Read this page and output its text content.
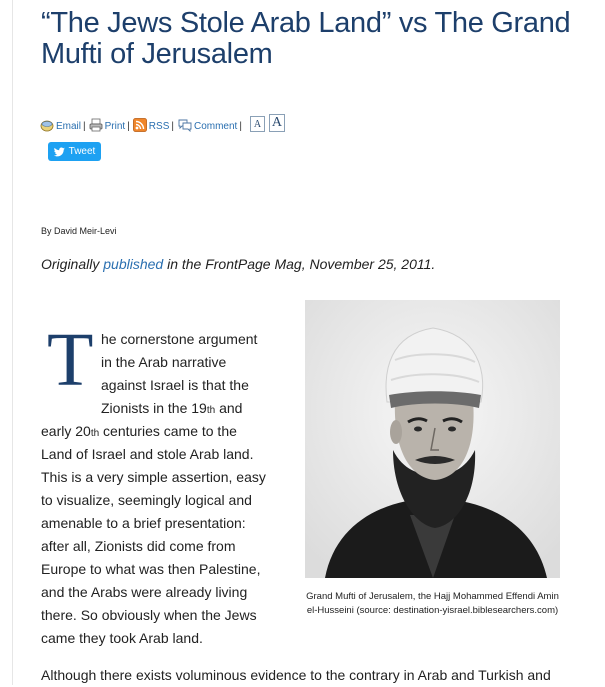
“The Jews Stole Arab Land” vs The Grand Mufti of Jerusalem
Email | Print | RSS | Comment |	A A
Tweet
By David Meir-Levi
Originally published in the FrontPage Mag, November 25, 2011.
T he cornerstone argument
in the Arab narrative
against Israel is that the
Zionists in the 19th and
early 20th centuries came to the
Land of Israel and stole Arab land.
This is a very simple assertion, easy
to visualize, seemingly logical and
amenable to a brief presentation:
after all, Zionists did come from
Europe to what was then Palestine,
and the Arabs were already living
there. So obviously when the Jews
came they took Arab land.
Grand Mufti of Jerusalem, the Hajj Mohammed Effendi Amin el-Husseini (source: destination-yisrael.biblesearchers.com)
Although there exists voluminous evidence to the contrary in Arab and Turkish and
